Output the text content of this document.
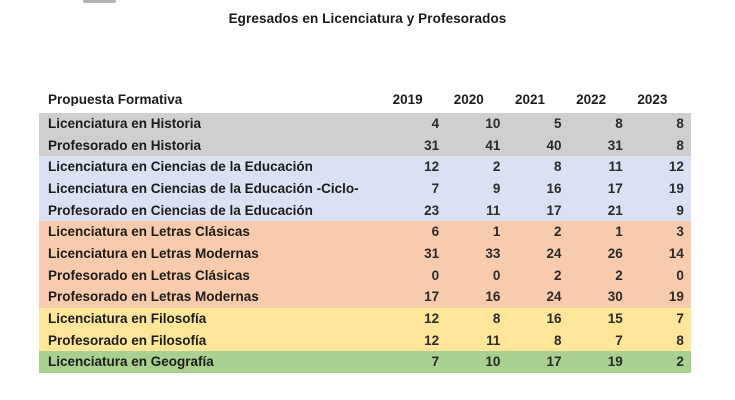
Egresados en Licenciatura y Profesorados
Propuesta Formativa	2019	2020	2021	2022	2023
Licenciatura en Historia	4	10	5	8	8
Profesorado en Historia	31	41	40	31	8
Licenciatura en Ciencias de la Educación	12	2	8	11	12
Licenciatura en Ciencias de la Educación -Ciclo-	7	9	16	17	19
Profesorado en Ciencias de la Educación	23	11	17	21	9
Licenciatura en Letras Clásicas	6	1	2	1	3
Licenciatura en Letras Modernas	31	33	24	26	14
Profesorado en Letras Clásicas	0	0	2	2	0
Profesorado en Letras Modernas	17	16	24	30	19
Licenciatura en Filosofía	12	8	16	15	7
Profesorado en Filosofía	12	11	8	7	8
Licenciatura en Geografía	7	10	17	19	2
